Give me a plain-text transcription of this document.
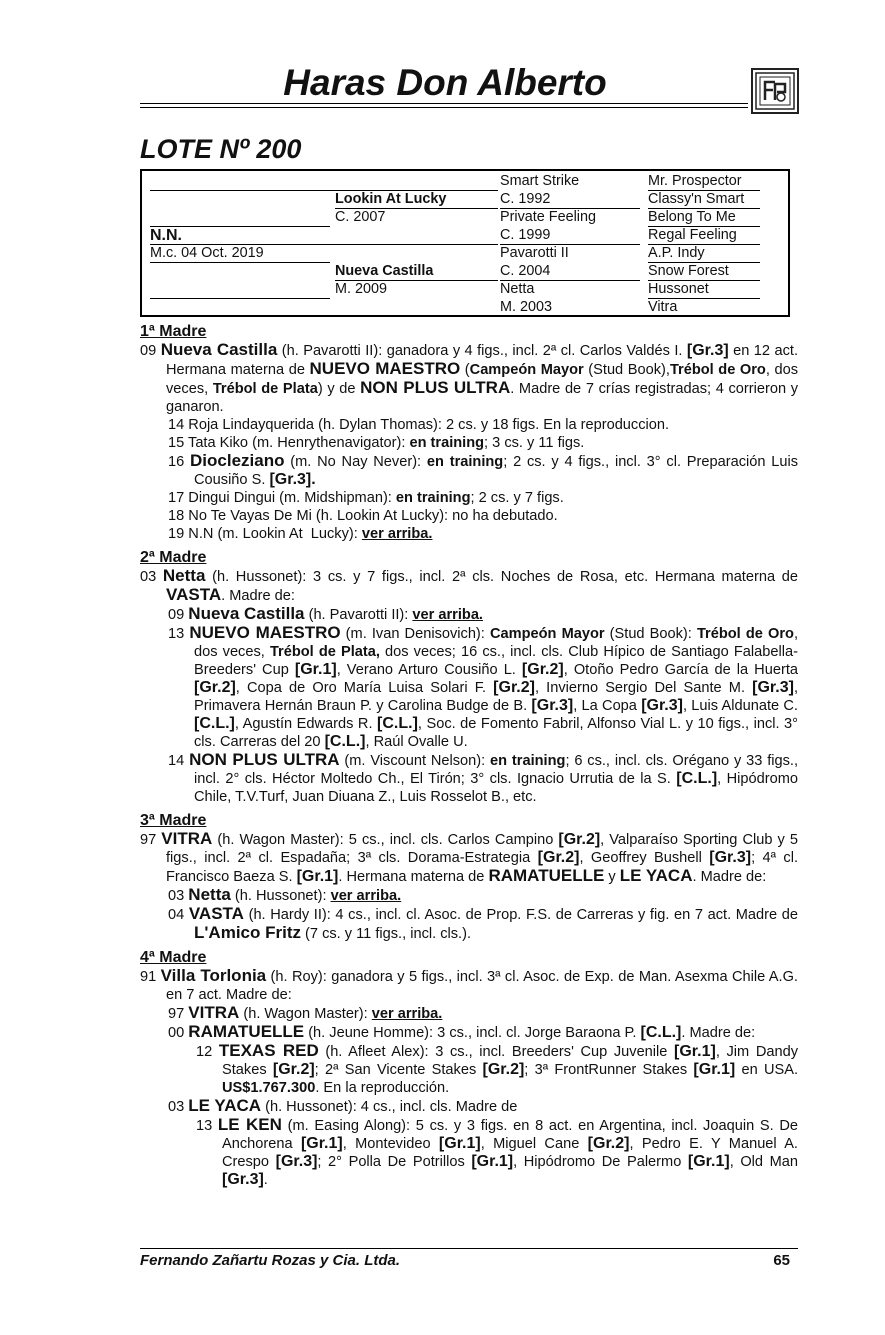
Haras Don Alberto
LOTE Nº 200
N.N.
M.c. 04 Oct. 2019
Lookin At Lucky
C. 2007
Nueva Castilla
M. 2009
Smart Strike
C. 1992
Private Feeling
C. 1999
Pavarotti II
C. 2004
Netta
M. 2003
Mr. Prospector
Classy'n Smart
Belong To Me
Regal Feeling
A.P. Indy
Snow Forest
Hussonet
Vitra
1ª Madre

09 Nueva Castilla (h. Pavarotti II): ganadora y 4 figs., incl. 2ª cl. Carlos Valdés I. [Gr.3] en 12 act. Hermana materna de NUEVO MAESTRO (Campeón Mayor (Stud Book),Trébol de Oro, dos veces, Trébol de Plata) y de NON PLUS ULTRA. Madre de 7 crías registradas; 4 corrieron y ganaron.

14 Roja Lindayquerida (h. Dylan Thomas): 2 cs. y 18 figs. En la reproduccion.

15 Tata Kiko (m. Henrythenavigator): en training; 3 cs. y 11 figs.

16 Diocleziano (m. No Nay Never): en training; 2 cs. y 4 figs., incl. 3° cl. Preparación Luis Cousiño S. [Gr.3].

17 Dingui Dingui (m. Midshipman): en training; 2 cs. y 7 figs.

18 No Te Vayas De Mi (h. Lookin At Lucky): no ha debutado.

19 N.N (m. Lookin At  Lucky): ver arriba.

2ª Madre

03 Netta (h. Hussonet): 3 cs. y 7 figs., incl. 2ª cls. Noches de Rosa, etc. Hermana materna de VASTA. Madre de:

09 Nueva Castilla (h. Pavarotti II): ver arriba.

13 NUEVO MAESTRO (m. Ivan Denisovich): Campeón Mayor (Stud Book): Trébol de Oro, dos veces, Trébol de Plata, dos veces; 16 cs., incl. cls. Club Hípico de Santiago Falabella-Breeders' Cup [Gr.1], Verano Arturo Cousiño L. [Gr.2], Otoño Pedro García de la Huerta [Gr.2], Copa de Oro María Luisa Solari F. [Gr.2], Invierno Sergio Del Sante M. [Gr.3], Primavera Hernán Braun P. y Carolina Budge de B. [Gr.3], La Copa [Gr.3], Luis Aldunate C. [C.L.], Agustín Edwards R. [C.L.], Soc. de Fomento Fabril, Alfonso Vial L. y 10 figs., incl. 3° cls. Carreras del 20 [C.L.], Raúl Ovalle U.

14 NON PLUS ULTRA (m. Viscount Nelson): en training; 6 cs., incl. cls. Orégano y 33 figs., incl. 2° cls. Héctor Moltedo Ch., El Tirón; 3° cls. Ignacio Urrutia de la S. [C.L.], Hipódromo Chile, T.V.Turf, Juan Diuana Z., Luis Rosselot B., etc.

3ª Madre

97 VITRA (h. Wagon Master): 5 cs., incl. cls. Carlos Campino [Gr.2], Valparaíso Sporting Club y 5 figs., incl. 2ª cl. Espadaña; 3ª cls. Dorama-Estrategia [Gr.2], Geoffrey Bushell [Gr.3]; 4ª cl. Francisco Baeza S. [Gr.1]. Hermana materna de RAMATUELLE y LE YACA. Madre de:

03 Netta (h. Hussonet): ver arriba.

04 VASTA (h. Hardy II): 4 cs., incl. cl. Asoc. de Prop. F.S. de Carreras y fig. en 7 act. Madre de L'Amico Fritz (7 cs. y 11 figs., incl. cls.).

4ª Madre

91 Villa Torlonia (h. Roy): ganadora y 5 figs., incl. 3ª cl. Asoc. de Exp. de Man. Asexma Chile A.G. en 7 act. Madre de:

97 VITRA (h. Wagon Master): ver arriba.

00 RAMATUELLE (h. Jeune Homme): 3 cs., incl. cl. Jorge Baraona P. [C.L.]. Madre de:

12 TEXAS RED (h. Afleet Alex): 3 cs., incl. Breeders' Cup Juvenile [Gr.1], Jim Dandy Stakes [Gr.2]; 2ª San Vicente Stakes [Gr.2]; 3ª FrontRunner Stakes [Gr.1] en USA. US$1.767.300. En la reproducción.

03 LE YACA (h. Hussonet): 4 cs., incl. cls. Madre de

13 LE KEN (m. Easing Along): 5 cs. y 3 figs. en 8 act. en Argentina, incl. Joaquin S. De Anchorena [Gr.1], Montevideo [Gr.1], Miguel Cane [Gr.2], Pedro E. Y Manuel A. Crespo [Gr.3]; 2° Polla De Potrillos [Gr.1], Hipódromo De Palermo [Gr.1], Old Man [Gr.3].

Fernando Zañartu Rozas y Cia. Ltda.	65
